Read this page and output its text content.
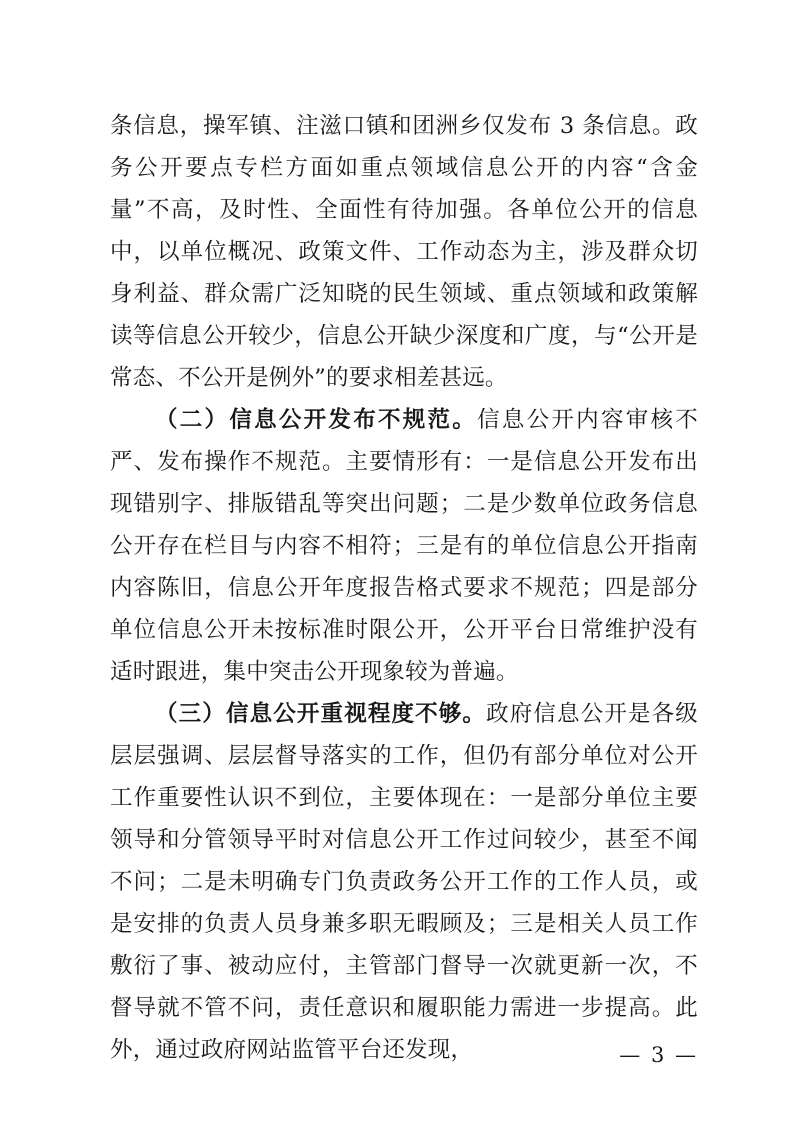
条信息，操军镇、注滋口镇和团洲乡仅发布 3 条信息。政务公开要点专栏方面如重点领域信息公开的内容“含金量”不高，及时性、全面性有待加强。各单位公开的信息中，以单位概况、政策文件、工作动态为主，涉及群众切身利益、群众需广泛知晓的民生领域、重点领域和政策解读等信息公开较少，信息公开缺少深度和广度，与“公开是常态、不公开是例外”的要求相差甚远。

（二）信息公开发布不规范。信息公开内容审核不严、发布操作不规范。主要情形有：一是信息公开发布出现错别字、排版错乱等突出问题；二是少数单位政务信息公开存在栏目与内容不相符；三是有的单位信息公开指南内容陈旧，信息公开年度报告格式要求不规范；四是部分单位信息公开未按标准时限公开，公开平台日常维护没有适时跟进，集中突击公开现象较为普遍。

（三）信息公开重视程度不够。政府信息公开是各级层层强调、层层督导落实的工作，但仍有部分单位对公开工作重要性认识不到位，主要体现在：一是部分单位主要领导和分管领导平时对信息公开工作过问较少，甚至不闻不问；二是未明确专门负责政务公开工作的工作人员，或是安排的负责人员身兼多职无暇顾及；三是相关人员工作敷衍了事、被动应付，主管部门督导一次就更新一次，不督导就不管不问，责任意识和履职能力需进一步提高。此外，通过政府网站监管平台还发现，	— 3 —
